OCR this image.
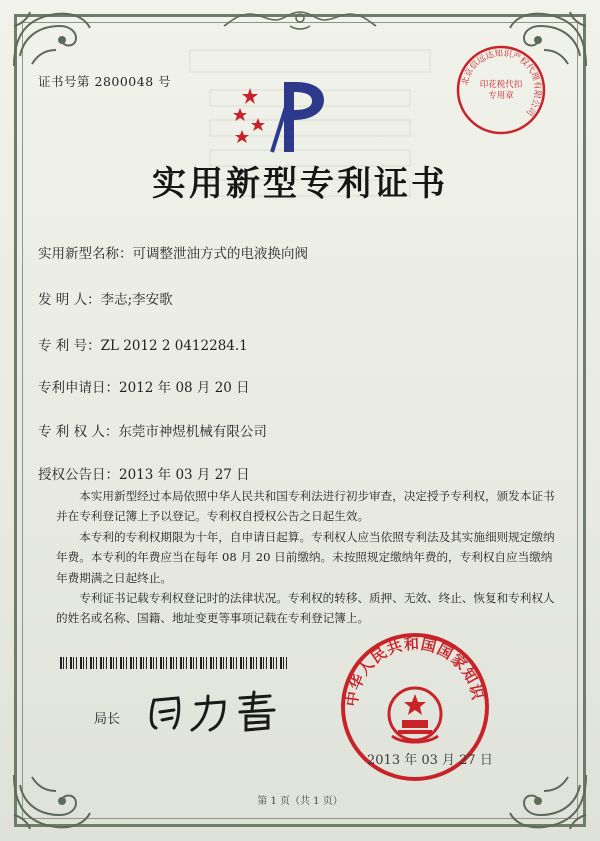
证书号第 2800048 号
实用新型专利证书
实用新型名称：可调整泄油方式的电液换向阀
发 明 人：李志;李安歌
专 利 号：ZL 2012 2 0412284.1
专利申请日：2012 年 08 月 20 日
专 利 权 人：东莞市神煜机械有限公司
授权公告日：2013 年 03 月 27 日

本实用新型经过本局依照中华人民共和国专利法进行初步审查，决定授予专利权，颁发本证书并在专利登记簿上予以登记。专利权自授权公告之日起生效。

本专利的专利权期限为十年，自申请日起算。专利权人应当依照专利法及其实施细则规定缴纳年费。本专利的年费应当在每年 08 月 20 日前缴纳。未按照规定缴纳年费的，专利权自应当缴纳年费期满之日起终止。

专利证书记载专利权登记时的法律状况。专利权的转移、质押、无效、终止、恢复和专利权人的姓名或名称、国籍、地址变更等事项记载在专利登记簿上。

局长
北京信远达知识产权代理有限公司
印花税代扣专用章
中华人民共和国国家知识
2013 年 03 月 27 日
第 1 页（共 1 页）
